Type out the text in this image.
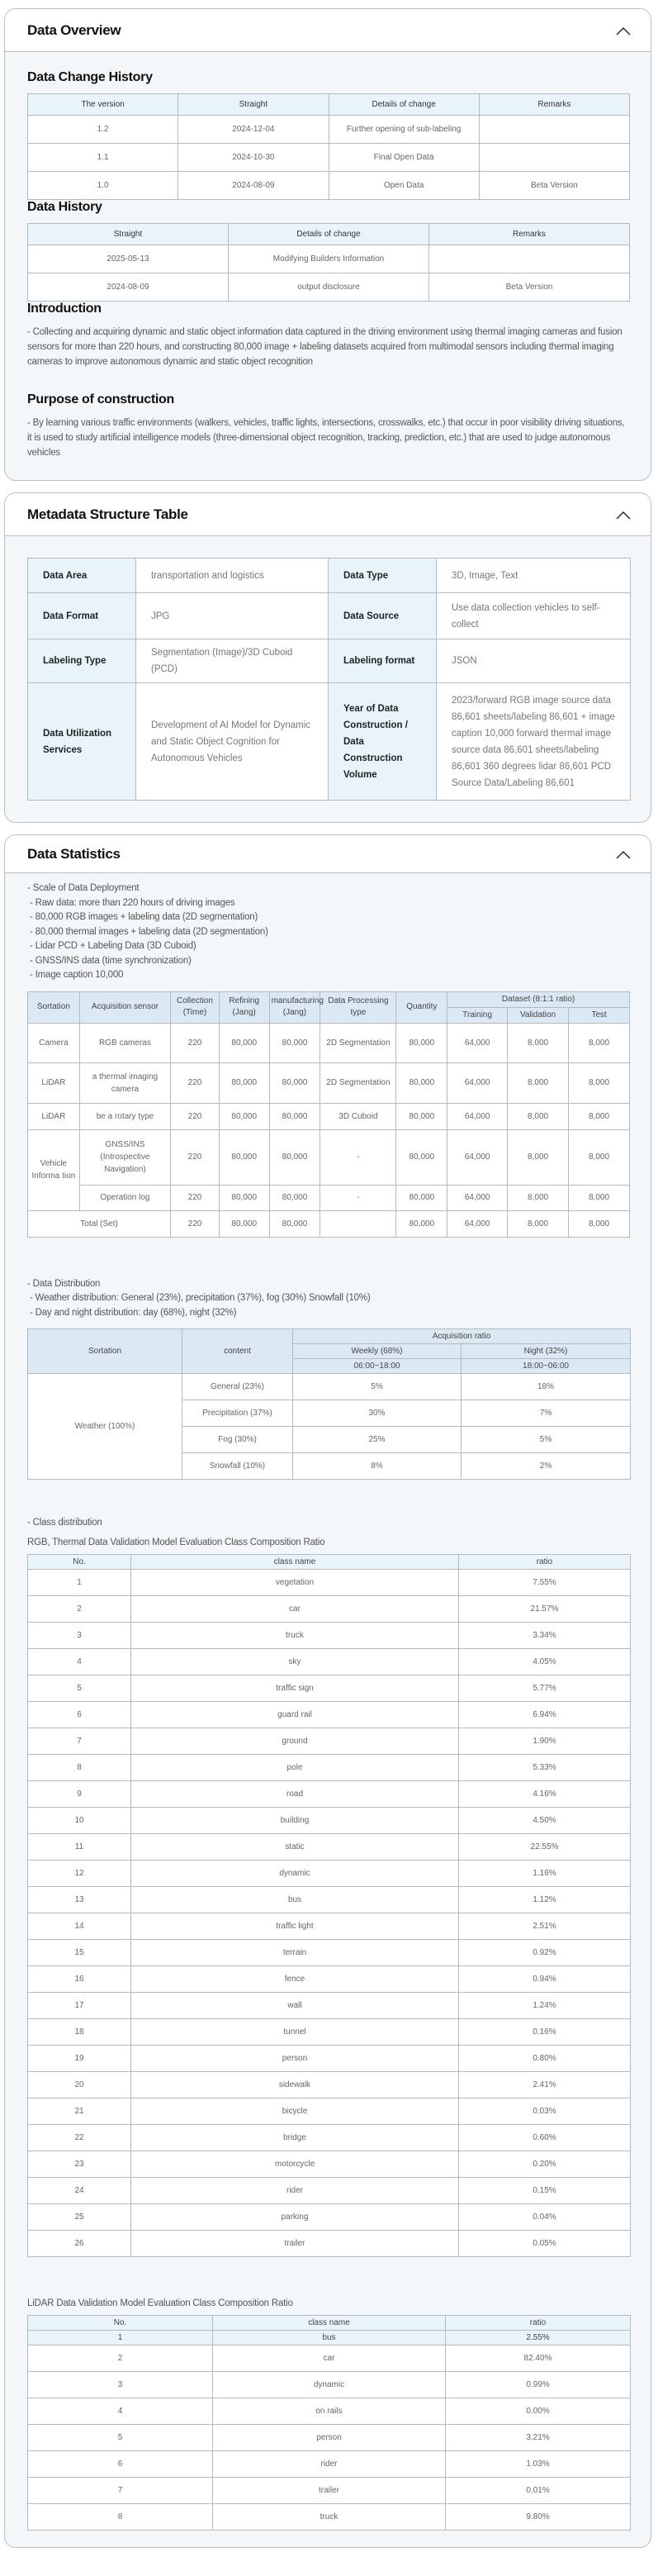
Data Overview
Data Change History
The version	Straight	Details of change	Remarks
1.2	2024-12-04	Further opening of sub-labeling	
1.1	2024-10-30	Final Open Data	
1.0	2024-08-09	Open Data	Beta Version
Data History
Straight	Details of change	Remarks
2025-05-13	Modifying Builders Information	
2024-08-09	output disclosure	Beta Version
Introduction

- Collecting and acquiring dynamic and static object information data captured in the driving environment using thermal imaging cameras and fusion sensors for more than 220 hours, and constructing 80,000 image + labeling datasets acquired from multimodal sensors including thermal imaging cameras to improve autonomous dynamic and static object recognition

Purpose of construction

- By learning various traffic environments (walkers, vehicles, traffic lights, intersections, crosswalks, etc.) that occur in poor visibility driving situations, it is used to study artificial intelligence models (three-dimensional object recognition, tracking, prediction, etc.) that are used to judge autonomous vehicles

Metadata Structure Table
Data Area	transportation and logistics	Data Type	3D, Image, Text
Data Format	JPG	Data Source	Use data collection vehicles to self-collect
Labeling Type	Segmentation (Image)/3D Cuboid (PCD)	Labeling format	JSON
Data Utilization Services	Development of AI Model for Dynamic and Static Object Cognition for Autonomous Vehicles	Year of Data Construction / Data Construction Volume	2023/forward RGB image source data 86,601 sheets/labeling 86,601 + image caption 10,000 forward thermal image source data 86,601 sheets/labeling 86,601 360 degrees lidar 86,601 PCD Source Data/Labeling 86,601
Data Statistics
- Scale of Data Deployment
- Raw data: more than 220 hours of driving images
- 80,000 RGB images + labeling data (2D segmentation)
- 80,000 thermal images + labeling data (2D segmentation)
- Lidar PCD + Labeling Data (3D Cuboid)
- GNSS/INS data (time synchronization)
- Image caption 10,000
Sortation	Acquisition sensor	Collection (Time)	Refining (Jang)	manufacturing (Jang)	Data Processing type	Quantity	Dataset (8:1:1 ratio)		
							Training	Validation	Test
Camera	RGB cameras	220	80,000	80,000	2D Segmentation	80,000	64,000	8,000	8,000
LiDAR	a thermal imaging camera	220	80,000	80,000	2D Segmentation	80,000	64,000	8,000	8,000
LiDAR	be a rotary type	220	80,000	80,000	3D Cuboid	80,000	64,000	8,000	8,000
Vehicle Informa tion	GNSS/INS (Introspective Navigation)	220	80,000	80,000	-	80,000	64,000	8,000	8,000
	Operation log	220	80,000	80,000	-	80,000	64,000	8,000	8,000
Total (Set)		220	80,000	80,000		80,000	64,000	8,000	8,000
- Data Distribution
- Weather distribution: General (23%), precipitation (37%), fog (30%) Snowfall (10%)
- Day and night distribution: day (68%), night (32%)
Sortation	content	Acquisition ratio	
		Weekly (68%)	Night (32%)
		06:00~18:00	18:00~06:00
Weather (100%)	General (23%)	5%	18%
	Precipitation (37%)	30%	7%
	Fog (30%)	25%	5%
	Snowfall (10%)	8%	2%
- Class distribution
RGB, Thermal Data Validation Model Evaluation Class Composition Ratio
No.	class name	ratio
1	vegetation	7.55%
2	car	21.57%
3	truck	3.34%
4	sky	4.05%
5	traffic sign	5.77%
6	guard rail	6.94%
7	ground	1.90%
8	pole	5.33%
9	road	4.16%
10	building	4.50%
11	static	22.55%
12	dynamic	1.16%
13	bus	1.12%
14	traffic light	2.51%
15	terrain	0.92%
16	fence	0.94%
17	wall	1.24%
18	tunnel	0.16%
19	person	0.80%
20	sidewalk	2.41%
21	bicycle	0.03%
22	bridge	0.60%
23	motorcycle	0.20%
24	rider	0.15%
25	parking	0.04%
26	trailer	0.05%
LiDAR Data Validation Model Evaluation Class Composition Ratio
No.	class name	ratio
1	bus	2.55%
2	car	82.40%
3	dynamic	0.99%
4	on rails	0.00%
5	person	3.21%
6	rider	1.03%
7	trailer	0.01%
8	truck	9.80%
